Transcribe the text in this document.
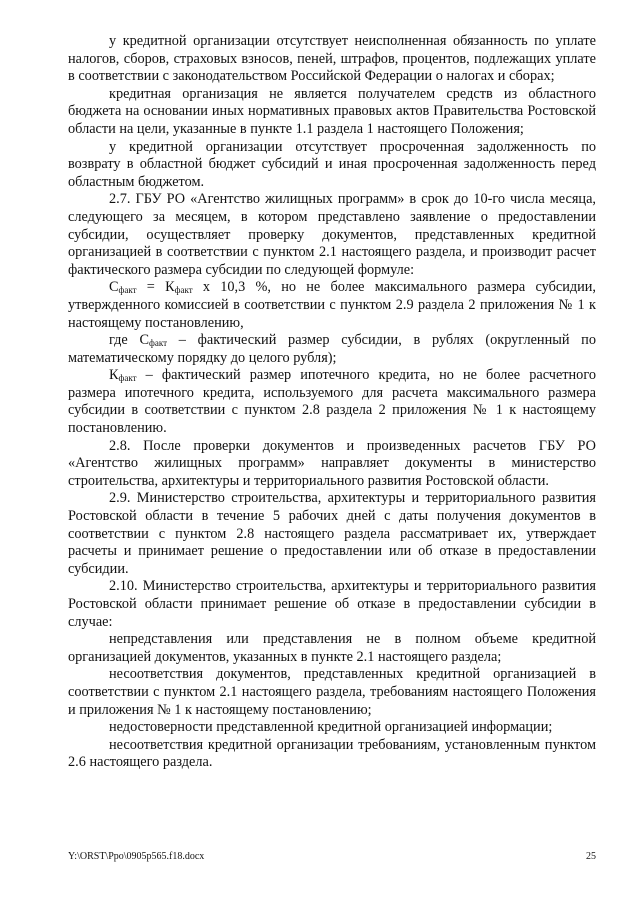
у кредитной организации отсутствует неисполненная обязанность по уплате налогов, сборов, страховых взносов, пеней, штрафов, процентов, подлежащих уплате в соответствии с законодательством Российской Федерации о налогах и сборах;

кредитная организация не является получателем средств из областного бюджета на основании иных нормативных правовых актов Правительства Ростовской области на цели, указанные в пункте 1.1 раздела 1 настоящего Положения;

у кредитной организации отсутствует просроченная задолженность по возврату в областной бюджет субсидий и иная просроченная задолженность перед областным бюджетом.

2.7. ГБУ РО «Агентство жилищных программ» в срок до 10-го числа месяца, следующего за месяцем, в котором представлено заявление о предоставлении субсидии, осуществляет проверку документов, представленных кредитной организацией в соответствии с пунктом 2.1 настоящего раздела, и производит расчет фактического размера субсидии по следующей формуле:

$С_{факт} = К_{факт}$ х 10,3 %, но не более максимального размера субсидии, утвержденного комиссией в соответствии с пунктом 2.9 раздела 2 приложения № 1 к настоящему постановлению,

где $С_{факт}$ – фактический размер субсидии, в рублях (округленный по математическому порядку до целого рубля);

$К_{факт}$ – фактический размер ипотечного кредита, но не более расчетного размера ипотечного кредита, используемого для расчета максимального размера субсидии в соответствии с пунктом 2.8 раздела 2 приложения № 1 к настоящему постановлению.

2.8. После проверки документов и произведенных расчетов ГБУ РО «Агентство жилищных программ» направляет документы в министерство строительства, архитектуры и территориального развития Ростовской области.

2.9. Министерство строительства, архитектуры и территориального развития Ростовской области в течение 5 рабочих дней с даты получения документов в соответствии с пунктом 2.8 настоящего раздела рассматривает их, утверждает расчеты и принимает решение о предоставлении или об отказе в предоставлении субсидии.

2.10. Министерство строительства, архитектуры и территориального развития Ростовской области принимает решение об отказе в предоставлении субсидии в случае:

непредставления или представления не в полном объеме кредитной организацией документов, указанных в пункте 2.1 настоящего раздела;

несоответствия документов, представленных кредитной организацией в соответствии с пунктом 2.1 настоящего раздела, требованиям настоящего Положения и приложения № 1 к настоящему постановлению;

недостоверности представленной кредитной организацией информации;

несоответствия кредитной организации требованиям, установленным пунктом 2.6 настоящего раздела.

Y:\ORST\Ppo\0905p565.f18.docx	25
